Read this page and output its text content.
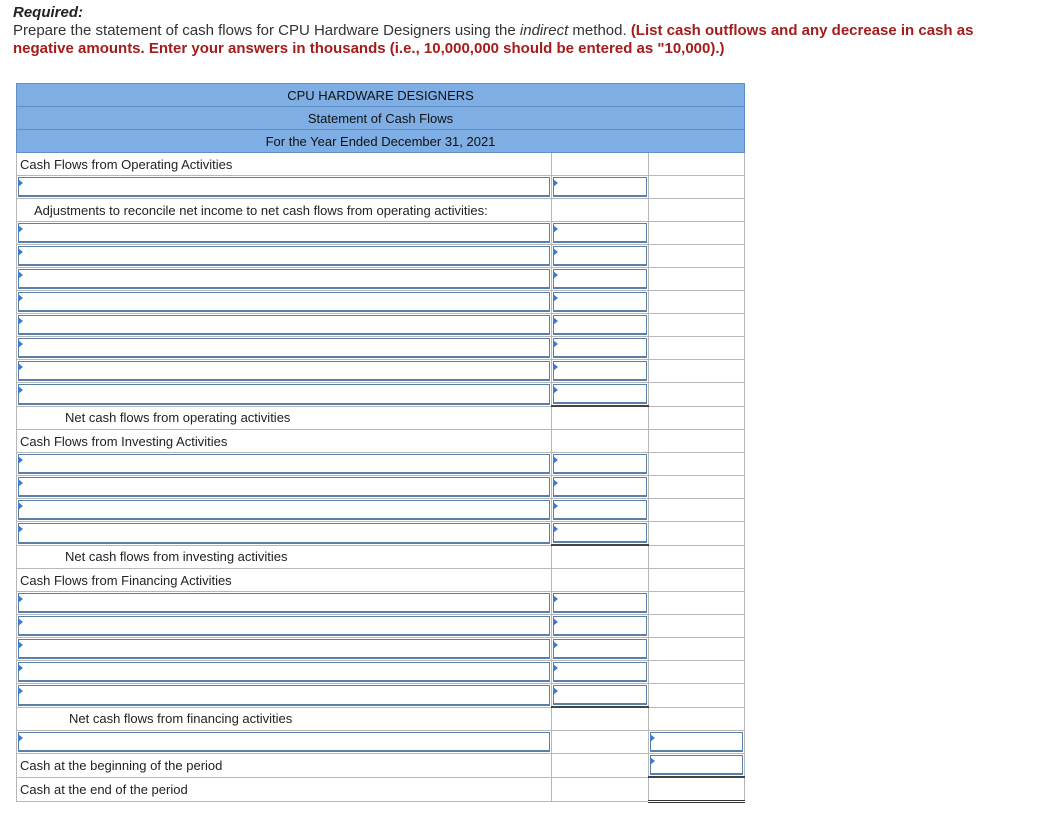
Required:
Prepare the statement of cash flows for CPU Hardware Designers using the indirect method. (List cash outflows and any decrease in cash as negative amounts. Enter your answers in thousands (i.e., 10,000,000 should be entered as "10,000).)
CPU HARDWARE DESIGNERS		
Statement of Cash Flows		
For the Year Ended December 31, 2021		
Cash Flows from Operating Activities		

Adjustments to reconcile net income to net cash flows from operating activities:		

Net cash flows from operating activities		
Cash Flows from Investing Activities		

Net cash flows from investing activities		
Cash Flows from Financing Activities		

Net cash flows from financing activities		

Cash at the beginning of the period		

Cash at the end of the period		
